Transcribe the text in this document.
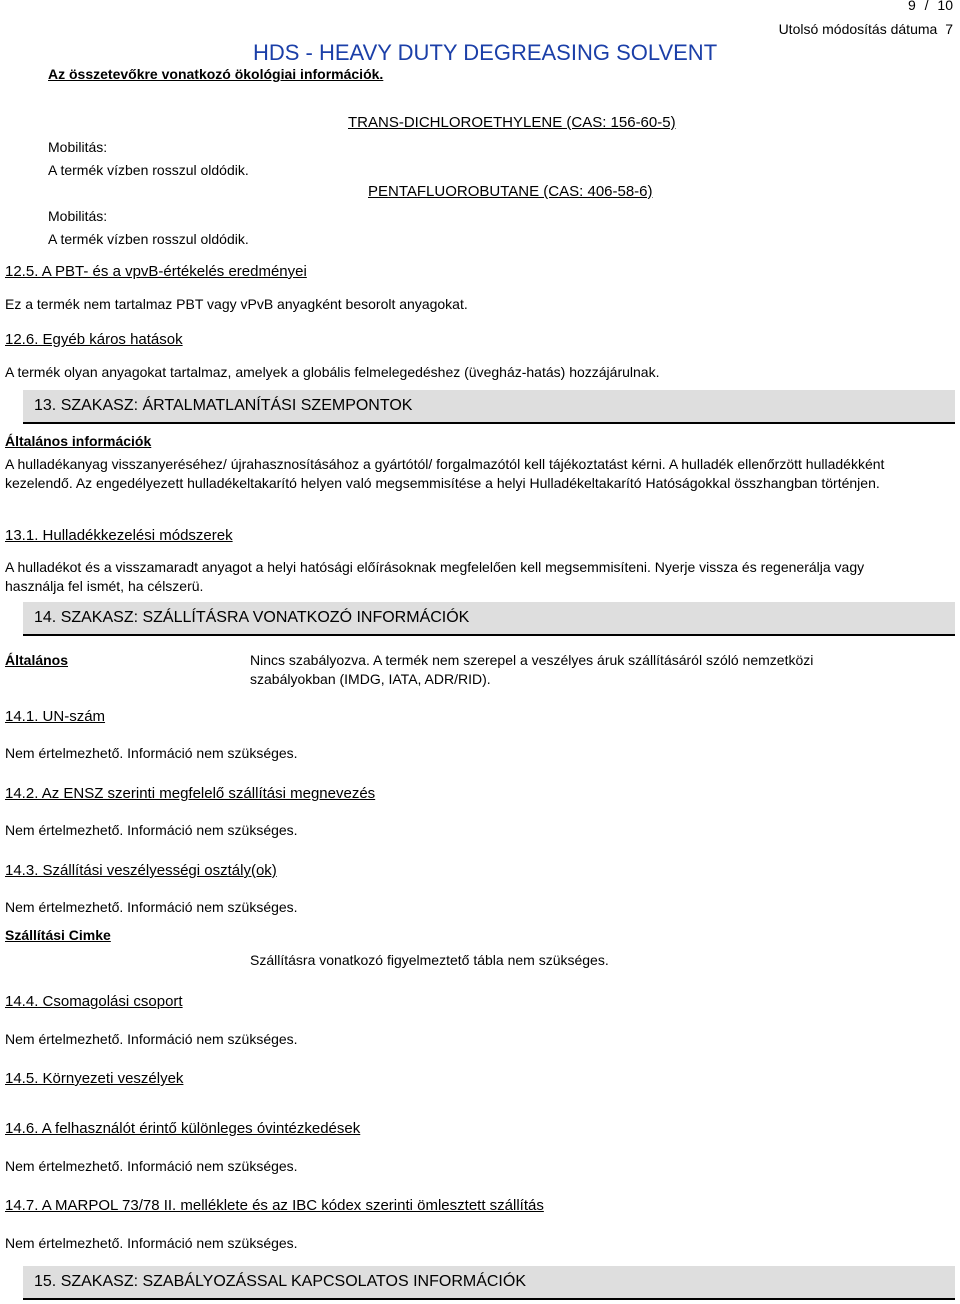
9 / 10
Utolsó módosítás dátuma 7
HDS - HEAVY DUTY DEGREASING SOLVENT
Az összetevőkre vonatkozó ökológiai információk.
TRANS-DICHLOROETHYLENE (CAS: 156-60-5)
Mobilitás:
A termék vízben rosszul oldódik.
PENTAFLUOROBUTANE (CAS: 406-58-6)
Mobilitás:
A termék vízben rosszul oldódik.
12.5. A PBT- és a vpvB-értékelés eredményei
Ez a termék nem tartalmaz PBT vagy vPvB anyagként besorolt anyagokat.
12.6. Egyéb káros hatások
A termék olyan anyagokat tartalmaz, amelyek a globális felmelegedéshez (üvegház-hatás) hozzájárulnak.
13. SZAKASZ: ÁRTALMATLANÍTÁSI SZEMPONTOK
Általános információk
A hulladékanyag visszanyeréséhez/ újrahasznosításához a gyártótól/ forgalmazótól kell tájékoztatást kérni. A hulladék ellenőrzött hulladékként kezelendő. Az engedélyezett hulladékeltakarító helyen való megsemmisítése a helyi Hulladékeltakarító Hatóságokkal összhangban történjen.
13.1. Hulladékkezelési módszerek
A hulladékot és a visszamaradt anyagot a helyi hatósági előírásoknak megfelelően kell megsemmisíteni. Nyerje vissza és regenerálja vagy használja fel ismét, ha célszerü.
14. SZAKASZ: SZÁLLÍTÁSRA VONATKOZÓ INFORMÁCIÓK
Általános	Nincs szabályozva. A termék nem szerepel a veszélyes áruk szállításáról szóló nemzetközi szabályokban (IMDG, IATA, ADR/RID).
14.1. UN-szám
Nem értelmezhető. Információ nem szükséges.
14.2. Az ENSZ szerinti megfelelő szállítási megnevezés
Nem értelmezhető. Információ nem szükséges.
14.3. Szállítási veszélyességi osztály(ok)
Nem értelmezhető. Információ nem szükséges.
Szállítási Cimke
Szállításra vonatkozó figyelmeztető tábla nem szükséges.
14.4. Csomagolási csoport
Nem értelmezhető. Információ nem szükséges.
14.5. Környezeti veszélyek
14.6. A felhasználót érintő különleges óvintézkedések
Nem értelmezhető. Információ nem szükséges.
14.7. A MARPOL 73/78 II. melléklete és az IBC kódex szerinti ömlesztett szállítás
Nem értelmezhető. Információ nem szükséges.
15. SZAKASZ: SZABÁLYOZÁSSAL KAPCSOLATOS INFORMÁCIÓK
